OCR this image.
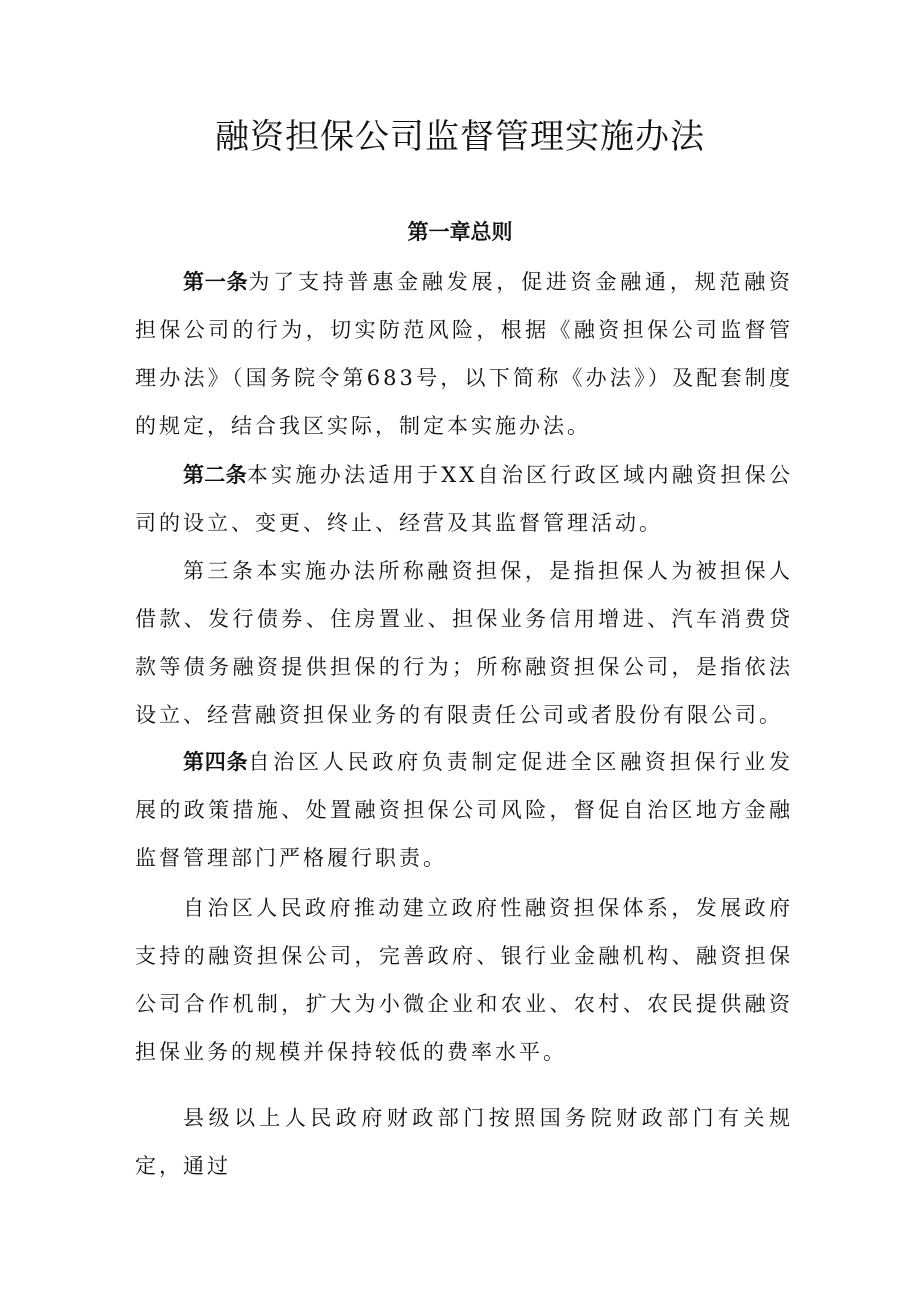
融资担保公司监督管理实施办法
第一章总则

第一条为了支持普惠金融发展，促进资金融通，规范融资担保公司的行为，切实防范风险，根据《融资担保公司监督管理办法》（国务院令第683号，以下简称《办法》）及配套制度的规定，结合我区实际，制定本实施办法。

第二条本实施办法适用于XX自治区行政区域内融资担保公司的设立、变更、终止、经营及其监督管理活动。

第三条本实施办法所称融资担保，是指担保人为被担保人借款、发行债券、住房置业、担保业务信用增进、汽车消费贷款等债务融资提供担保的行为；所称融资担保公司，是指依法设立、经营融资担保业务的有限责任公司或者股份有限公司。

第四条自治区人民政府负责制定促进全区融资担保行业发展的政策措施、处置融资担保公司风险，督促自治区地方金融监督管理部门严格履行职责。

自治区人民政府推动建立政府性融资担保体系，发展政府支持的融资担保公司，完善政府、银行业金融机构、融资担保公司合作机制，扩大为小微企业和农业、农村、农民提供融资担保业务的规模并保持较低的费率水平。

县级以上人民政府财政部门按照国务院财政部门有关规定，通过
